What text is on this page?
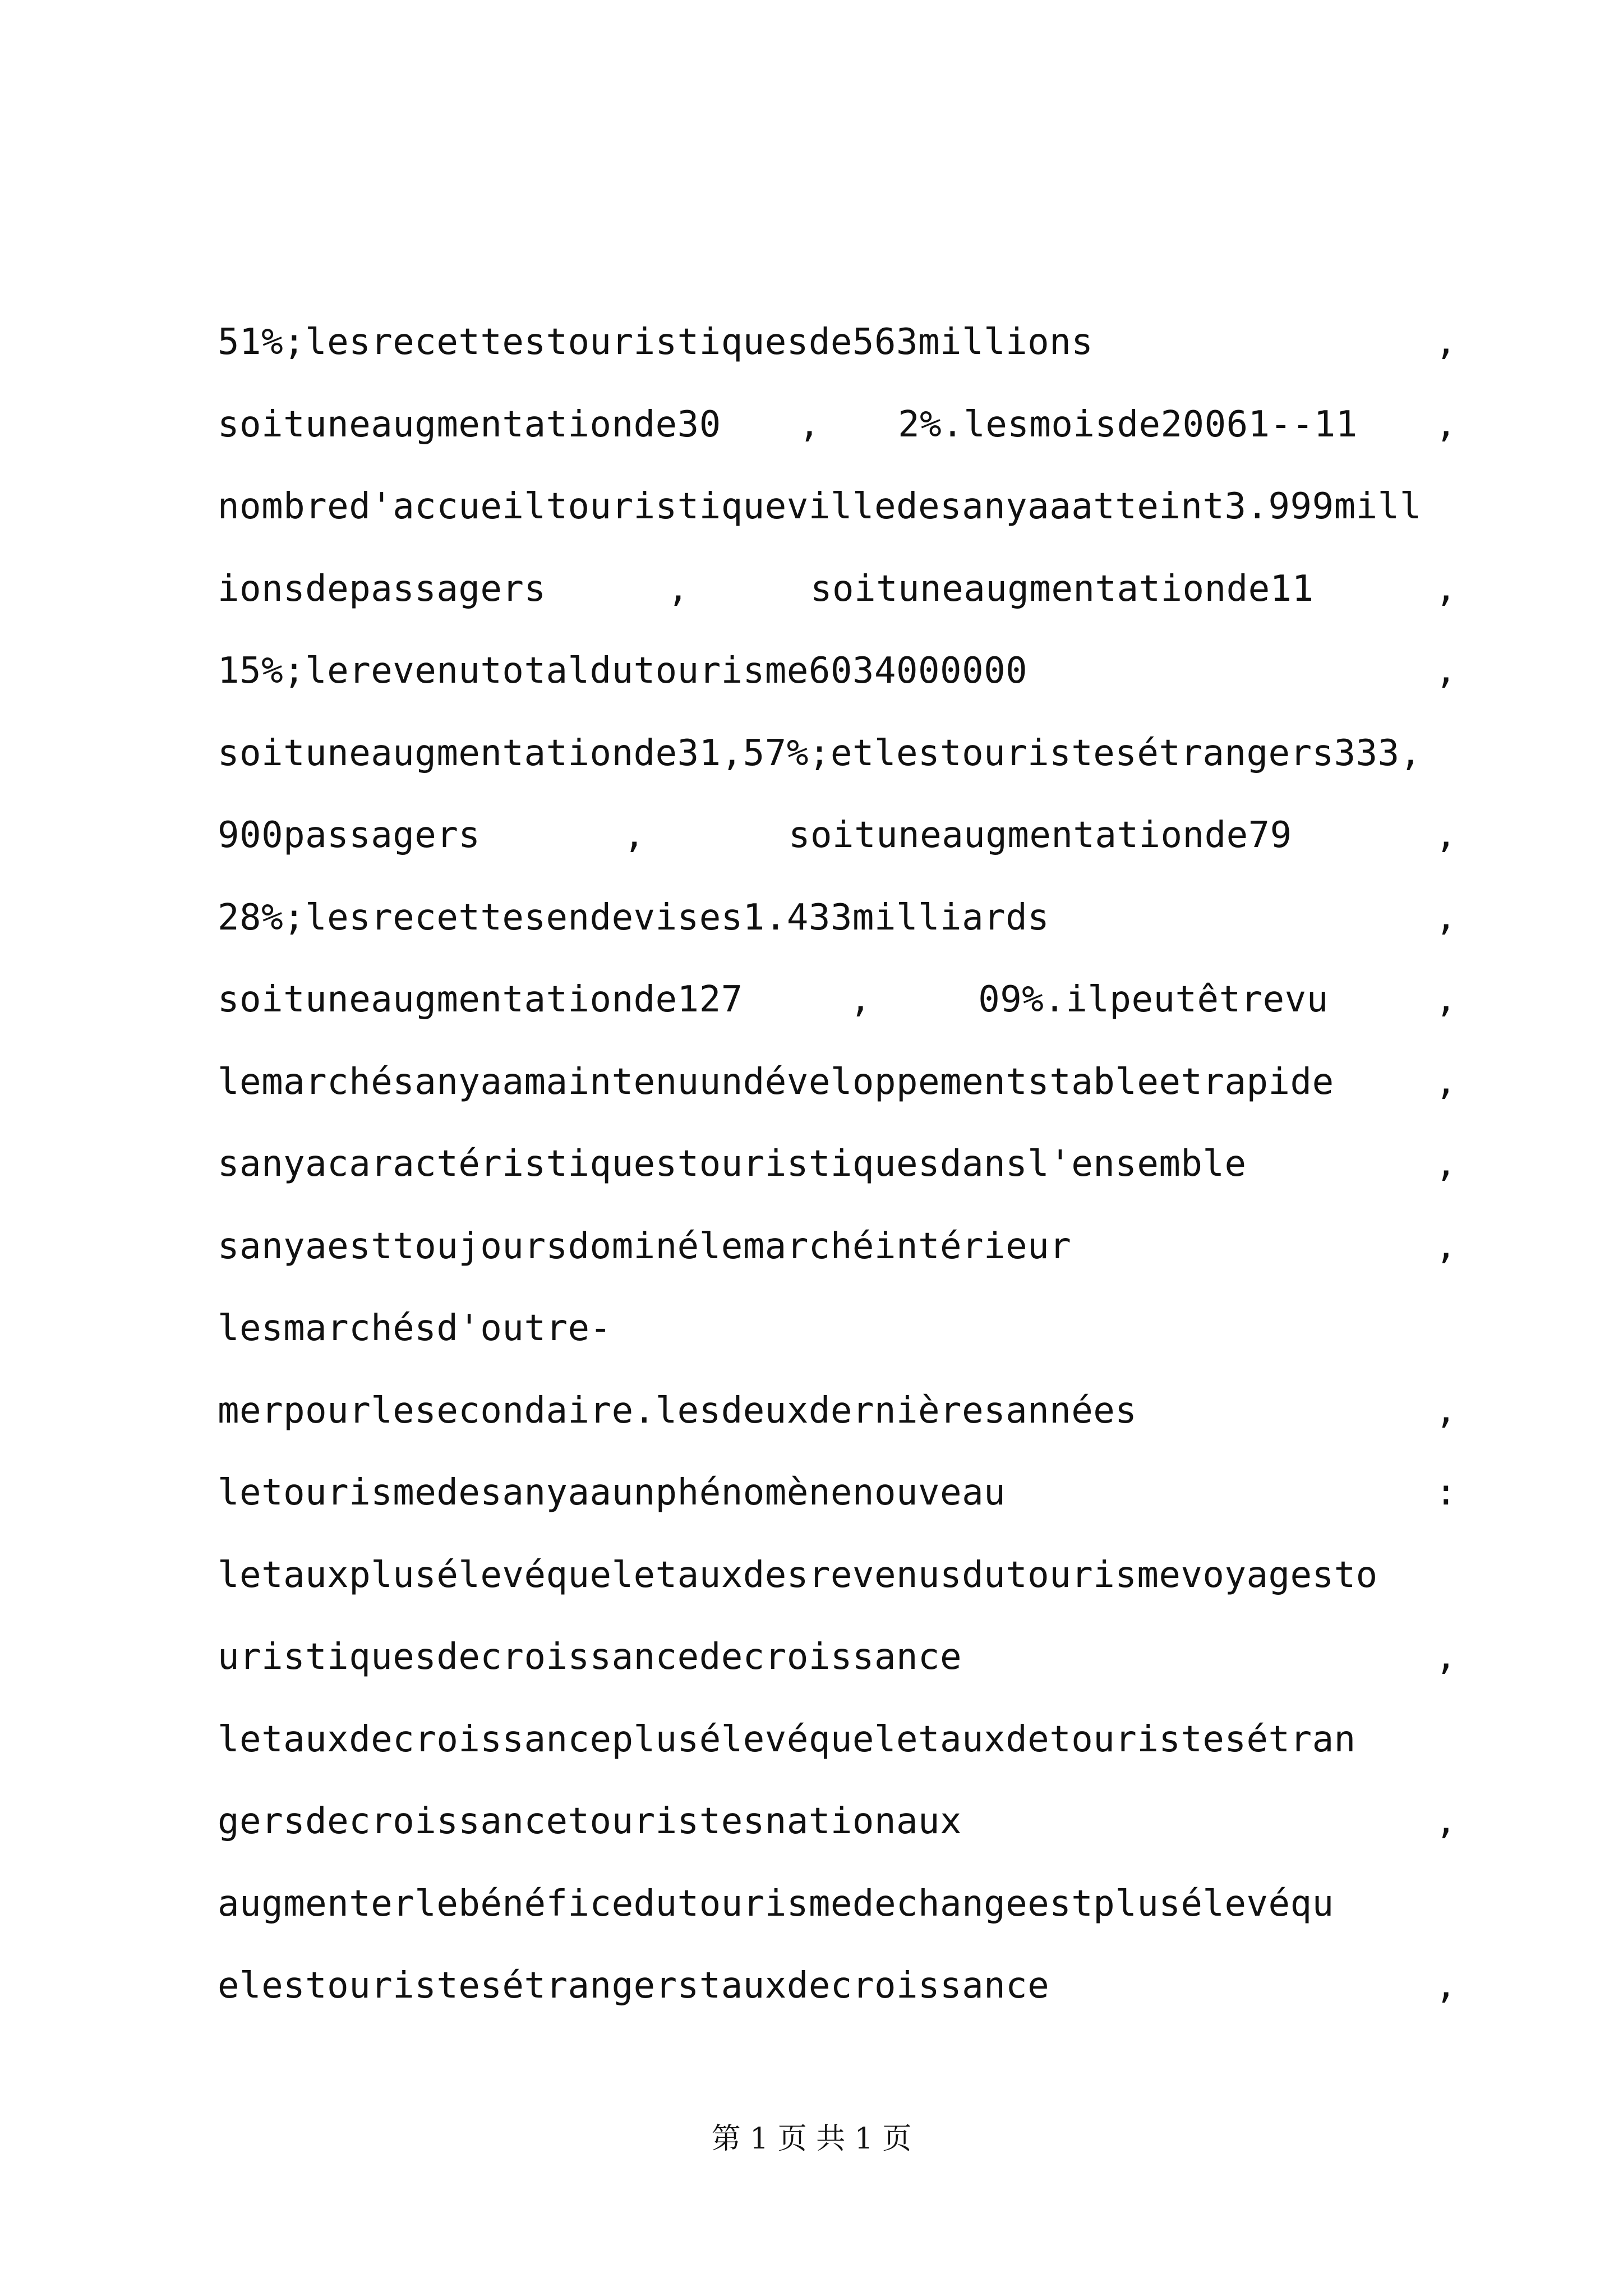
51%;lesrecettestouristiquesde563millions	,
soituneaugmentationde30 , 2%.lesmoisde20061--11 ,
nombred'accueiltouristiquevilledesanyaaatteint3.999mill
ionsdepassagers	,	soituneaugmentationde11	,
15%;lerevenutotaldutourisme6034000000	,
soituneaugmentationde31,57%;etlestouristesétrangers333,
900passagers	,	soituneaugmentationde79	,
28%;lesrecettesendevises1.433milliards	,
soituneaugmentationde127	,	09%.ilpeutêtrevu	,
lemarchésanyaamaintenuundéveloppementstableetrapide	,
sanyacaractéristiquestouristiquesdansl'ensemble	,
sanyaesttoujoursdominélemarchéintérieur	,
lesmarchésd'outre-
merpourlesecondaire.lesdeuxdernièresannées	,
letourismedesanyaaunphénomènenouveau	:
letauxplusélevéqueletauxdesrevenusdutourismevoyagesto
uristiquesdecroissancedecroissance	,
letauxdecroissanceplusélevéqueletauxdetouristesétran
gersdecroissancetouristesnationaux	,
augmenterlebénéficedutourismedechangeestplusélevéqu
elestouristesétrangerstauxdecroissance	,
第 1 页 共 1 页
